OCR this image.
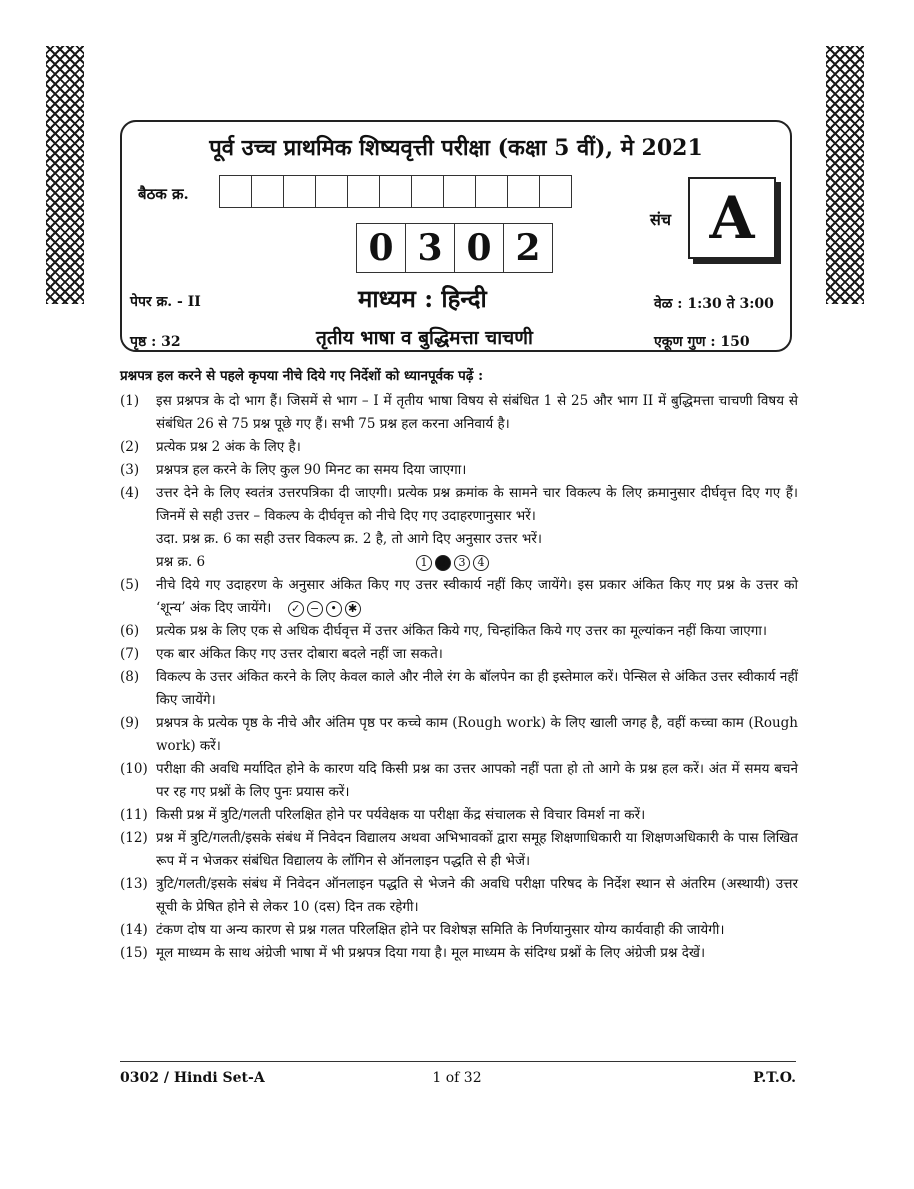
पूर्व उच्च प्राथमिक शिष्यवृत्ती परीक्षा (कक्षा 5 वीं), मे 2021
बैठक क्र.
0 3 0 2
संच A
पेपर क्र. - II	माध्यम : हिन्दी	वेळ : 1:30 ते 3:00
पृष्ठ : 32	तृतीय भाषा व बुद्धिमत्ता चाचणी	एकूण गुण : 150
प्रश्नपत्र हल करने से पहले कृपया नीचे दिये गए निर्देशों को ध्यानपूर्वक पढ़ें :
(1)	इस प्रश्नपत्र के दो भाग हैं। जिसमें से भाग – I में तृतीय भाषा विषय से संबंधित 1 से 25 और भाग II में बुद्धिमत्ता चाचणी विषय से संबंधित 26 से 75 प्रश्न पूछे गए हैं। सभी 75 प्रश्न हल करना अनिवार्य है।
(2)	प्रत्येक प्रश्न 2 अंक के लिए है।
(3)	प्रश्नपत्र हल करने के लिए कुल 90 मिनट का समय दिया जाएगा।
(4)	उत्तर देने के लिए स्वतंत्र उत्तरपत्रिका दी जाएगी। प्रत्येक प्रश्न क्रमांक के सामने चार विकल्प के लिए क्रमानुसार दीर्घवृत्त दिए गए हैं। जिनमें से सही उत्तर – विकल्प के दीर्घवृत्त को नीचे दिए गए उदाहरणानुसार भरें।
उदा. प्रश्न क्र. 6 का सही उत्तर विकल्प क्र. 2 है, तो आगे दिए अनुसार उत्तर भरें।
प्रश्न क्र. 6	1	2	3	4
(5)	नीचे दिये गए उदाहरण के अनुसार अंकित किए गए उत्तर स्वीकार्य नहीं किए जायेंगे। इस प्रकार अंकित किए गए प्रश्न के उत्तर को ‘शून्य’ अंक दिए जायेंगे।	✓ −	•	✱
(6)	प्रत्येक प्रश्न के लिए एक से अधिक दीर्घवृत्त में उत्तर अंकित किये गए, चिन्हांकित किये गए उत्तर का मूल्यांकन नहीं किया जाएगा।
(7)	एक बार अंकित किए गए उत्तर दोबारा बदले नहीं जा सकते।
(8)	विकल्प के उत्तर अंकित करने के लिए केवल काले और नीले रंग के बॉलपेन का ही इस्तेमाल करें। पेन्सिल से अंकित उत्तर स्वीकार्य नहीं किए जायेंगे।
(9)	प्रश्नपत्र के प्रत्येक पृष्ठ के नीचे और अंतिम पृष्ठ पर कच्चे काम (Rough work) के लिए खाली जगह है, वहीं कच्चा काम (Rough work) करें।
(10) परीक्षा की अवधि मर्यादित होने के कारण यदि किसी प्रश्न का उत्तर आपको नहीं पता हो तो आगे के प्रश्न हल करें। अंत में समय बचने पर रह गए प्रश्नों के लिए पुनः प्रयास करें।
(11) किसी प्रश्न में त्रुटि/गलती परिलक्षित होने पर पर्यवेक्षक या परीक्षा केंद्र संचालक से विचार विमर्श ना करें।
(12) प्रश्न में त्रुटि/गलती/इसके संबंध में निवेदन विद्यालय अथवा अभिभावकों द्वारा समूह शिक्षणाधिकारी या शिक्षणअधिकारी के पास लिखित रूप में न भेजकर संबंधित विद्यालय के लॉगिन से ऑनलाइन पद्धति से ही भेजें।
(13) त्रुटि/गलती/इसके संबंध में निवेदन ऑनलाइन पद्धति से भेजने की अवधि परीक्षा परिषद के निर्देश स्थान से अंतरिम (अस्थायी) उत्तर सूची के प्रेषित होने से लेकर 10 (दस) दिन तक रहेगी।
(14) टंकण दोष या अन्य कारण से प्रश्न गलत परिलक्षित होने पर विशेषज्ञ समिति के निर्णयानुसार योग्य कार्यवाही की जायेगी।
(15) मूल माध्यम के साथ अंग्रेजी भाषा में भी प्रश्नपत्र दिया गया है। मूल माध्यम के संदिग्ध प्रश्नों के लिए अंग्रेजी प्रश्न देखें।
0302 / Hindi Set-A	1 of 32	P.T.O.
